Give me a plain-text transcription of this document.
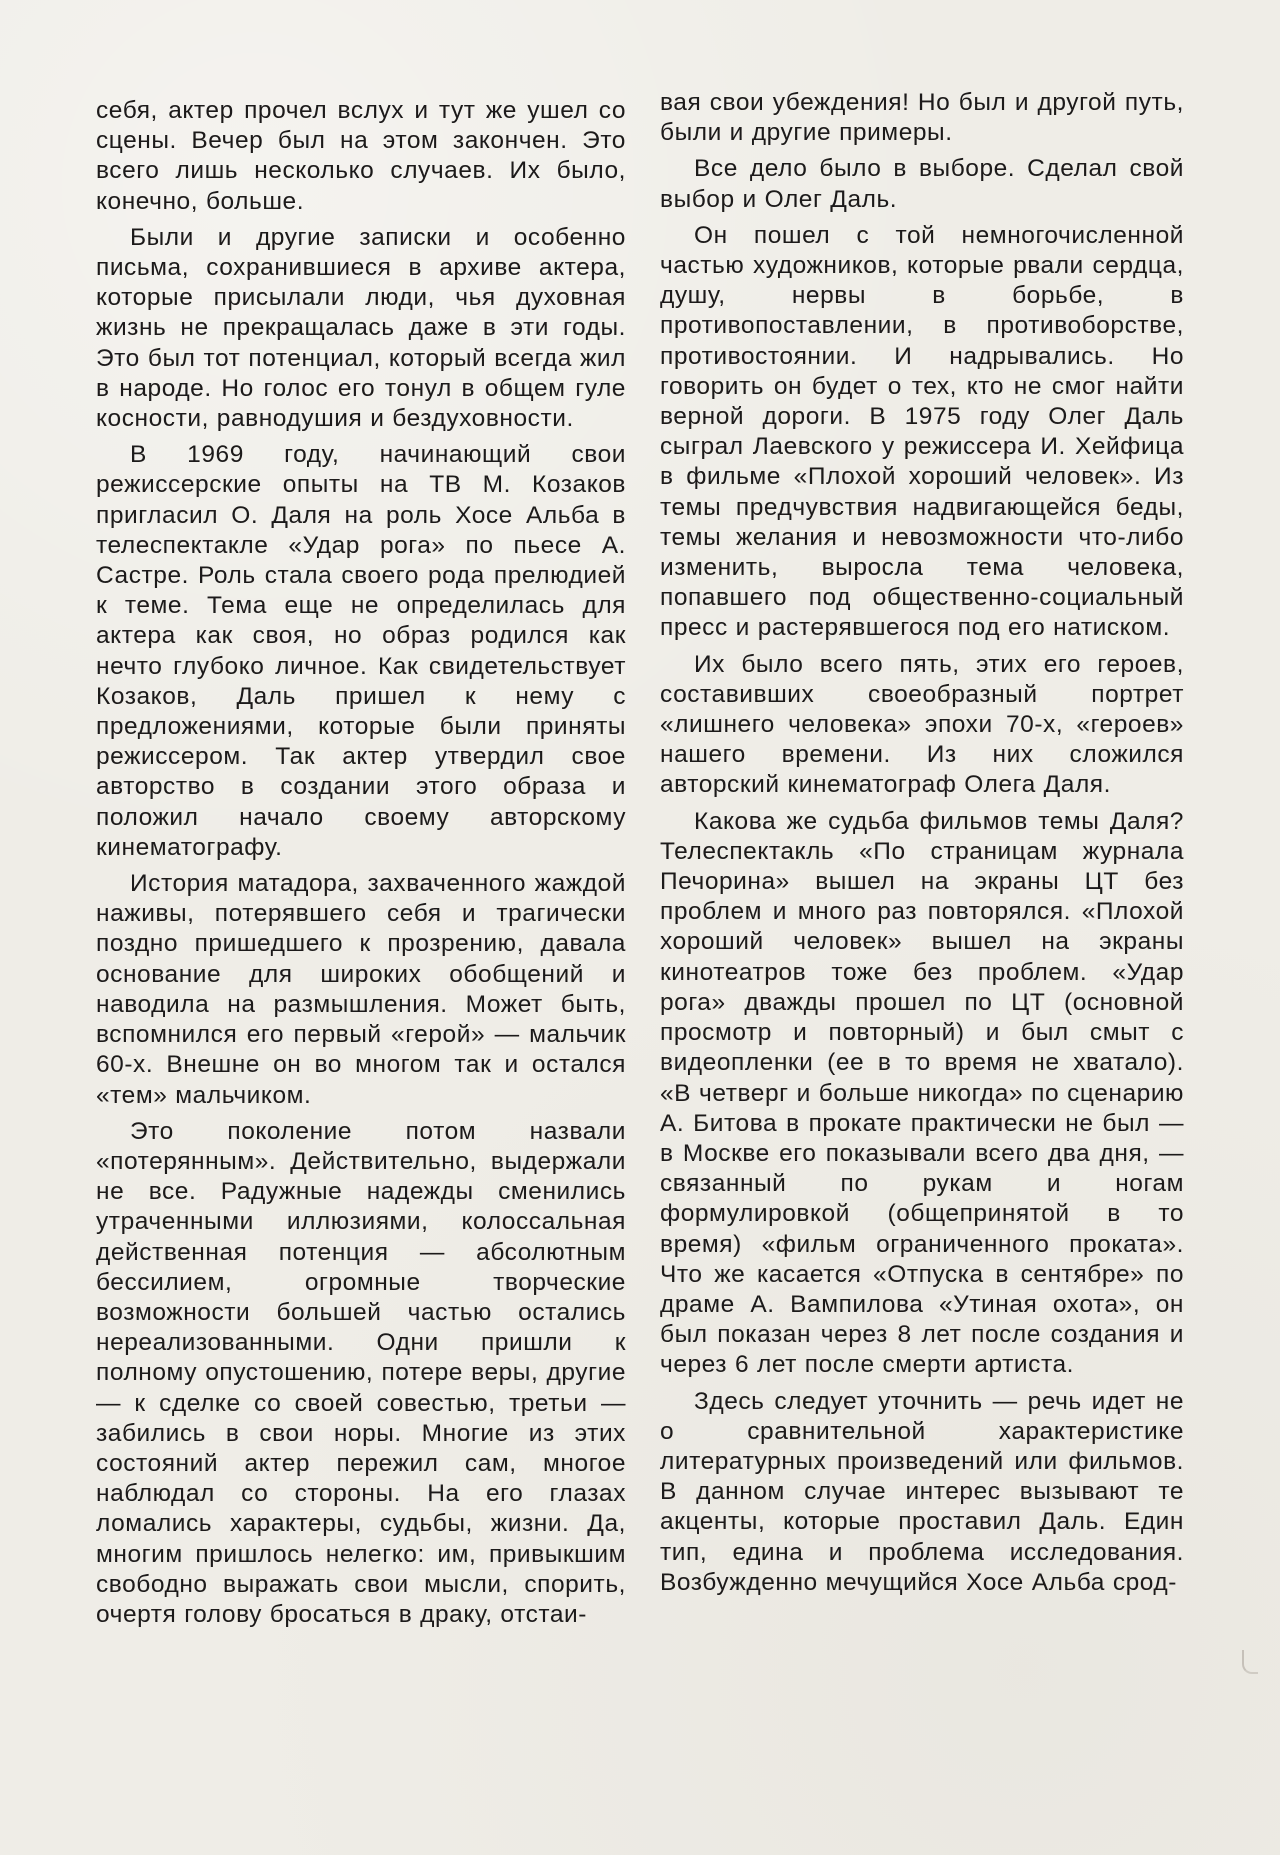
себя, актер прочел вслух и тут же ушел со сцены. Вечер был на этом закончен. Это всего лишь несколько случаев. Их было, конечно, больше.

Были и другие записки и особенно письма, сохранившиеся в архиве актера, которые присылали люди, чья духовная жизнь не прекращалась даже в эти годы. Это был тот потенциал, который всегда жил в народе. Но голос его тонул в общем гуле косности, равнодушия и бездуховности.

В 1969 году, начинающий свои режиссерские опыты на ТВ М. Козаков пригласил О. Даля на роль Хосе Альба в телеспектакле «Удар рога» по пьесе А. Састре. Роль стала своего рода прелюдией к теме. Тема еще не определилась для актера как своя, но образ родился как нечто глубоко личное. Как свидетельствует Козаков, Даль пришел к нему с предложениями, которые были приняты режиссером. Так актер утвердил свое авторство в создании этого образа и положил начало своему авторскому кинематографу.

История матадора, захваченного жаждой наживы, потерявшего себя и трагически поздно пришедшего к прозрению, давала основание для широких обобщений и наводила на размышления. Может быть, вспомнился его первый «герой» — мальчик 60-х. Внешне он во многом так и остался «тем» мальчиком.

Это поколение потом назвали «потерянным». Действительно, выдержали не все. Радужные надежды сменились утраченными иллюзиями, колоссальная действенная потенция — абсолютным бессилием, огромные творческие возможности большей частью остались нереализованными. Одни пришли к полному опустошению, потере веры, другие — к сделке со своей совестью, третьи — забились в свои норы. Многие из этих состояний актер пережил сам, многое наблюдал со стороны. На его глазах ломались характеры, судьбы, жизни. Да, многим пришлось нелегко: им, привыкшим свободно выражать свои мысли, спорить, очертя голову бросаться в драку, отстаи-

вая свои убеждения! Но был и другой путь, были и другие примеры.

Все дело было в выборе. Сделал свой выбор и Олег Даль.

Он пошел с той немногочисленной частью художников, которые рвали сердца, душу, нервы в борьбе, в противопоставлении, в противоборстве, противостоянии. И надрывались. Но говорить он будет о тех, кто не смог найти верной дороги. В 1975 году Олег Даль сыграл Лаевского у режиссера И. Хейфица в фильме «Плохой хороший человек». Из темы предчувствия надвигающейся беды, темы желания и невозможности что-либо изменить, выросла тема человека, попавшего под общественно-социальный пресс и растерявшегося под его натиском.

Их было всего пять, этих его героев, составивших своеобразный портрет «лишнего человека» эпохи 70-х, «героев» нашего времени. Из них сложился авторский кинематограф Олега Даля.

Какова же судьба фильмов темы Даля? Телеспектакль «По страницам журнала Печорина» вышел на экраны ЦТ без проблем и много раз повторялся. «Плохой хороший человек» вышел на экраны кинотеатров тоже без проблем. «Удар рога» дважды прошел по ЦТ (основной просмотр и повторный) и был смыт с видеопленки (ее в то время не хватало). «В четверг и больше никогда» по сценарию А. Битова в прокате практически не был — в Москве его показывали всего два дня, — связанный по рукам и ногам формулировкой (общепринятой в то время) «фильм ограниченного проката». Что же касается «Отпуска в сентябре» по драме А. Вампилова «Утиная охота», он был показан через 8 лет после создания и через 6 лет после смерти артиста.

Здесь следует уточнить — речь идет не о сравнительной характеристике литературных произведений или фильмов. В данном случае интерес вызывают те акценты, которые проставил Даль. Един тип, едина и проблема исследования. Возбужденно мечущийся Хосе Альба срод-
